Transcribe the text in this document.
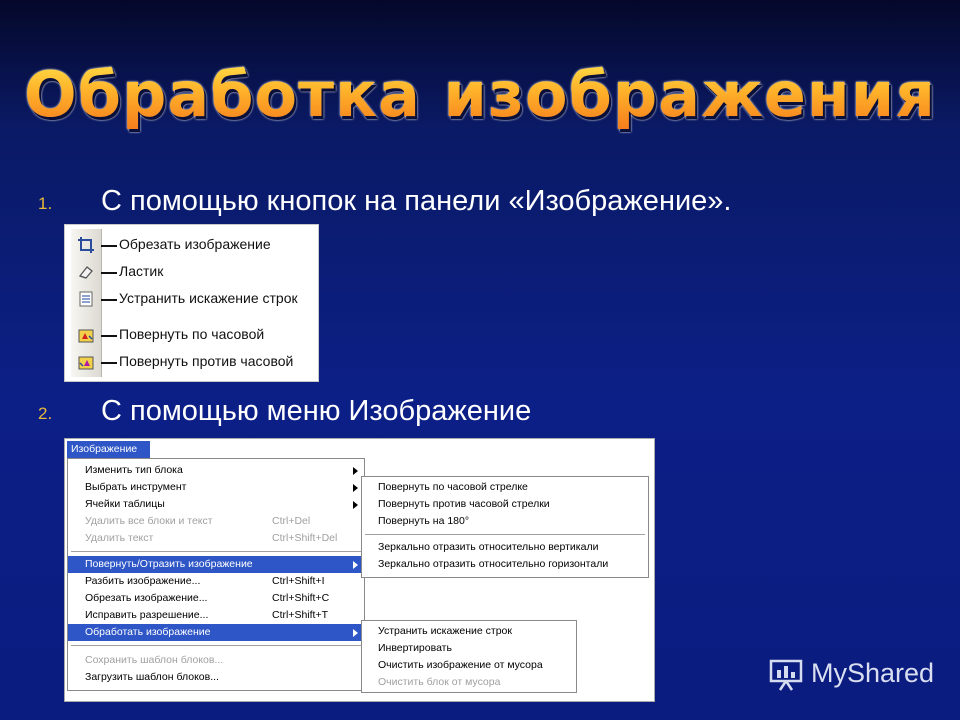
Обработка изображения
1. С помощью кнопок на панели «Изображение».
Обрезать изображение
Ластик
Устранить искажение строк
Повернуть по часовой
Повернуть против часовой
2. С помощью меню Изображение
Изображение
Изменить тип блока
Выбрать инструмент
Ячейки таблицы
Удалить все блоки и текст	Ctrl+Del
Удалить текст	Ctrl+Shift+Del
Повернуть/Отразить изображение
Разбить изображение...	Ctrl+Shift+I
Обрезать изображение...	Ctrl+Shift+C
Исправить разрешение...	Ctrl+Shift+T
Обработать изображение
Сохранить шаблон блоков...
Загрузить шаблон блоков...
Повернуть по часовой стрелке
Повернуть против часовой стрелки
Повернуть на 180°
Зеркально отразить относительно вертикали
Зеркально отразить относительно горизонтали
Устранить искажение строк
Инвертировать
Очистить изображение от мусора
Очистить блок от мусора	MyShared
